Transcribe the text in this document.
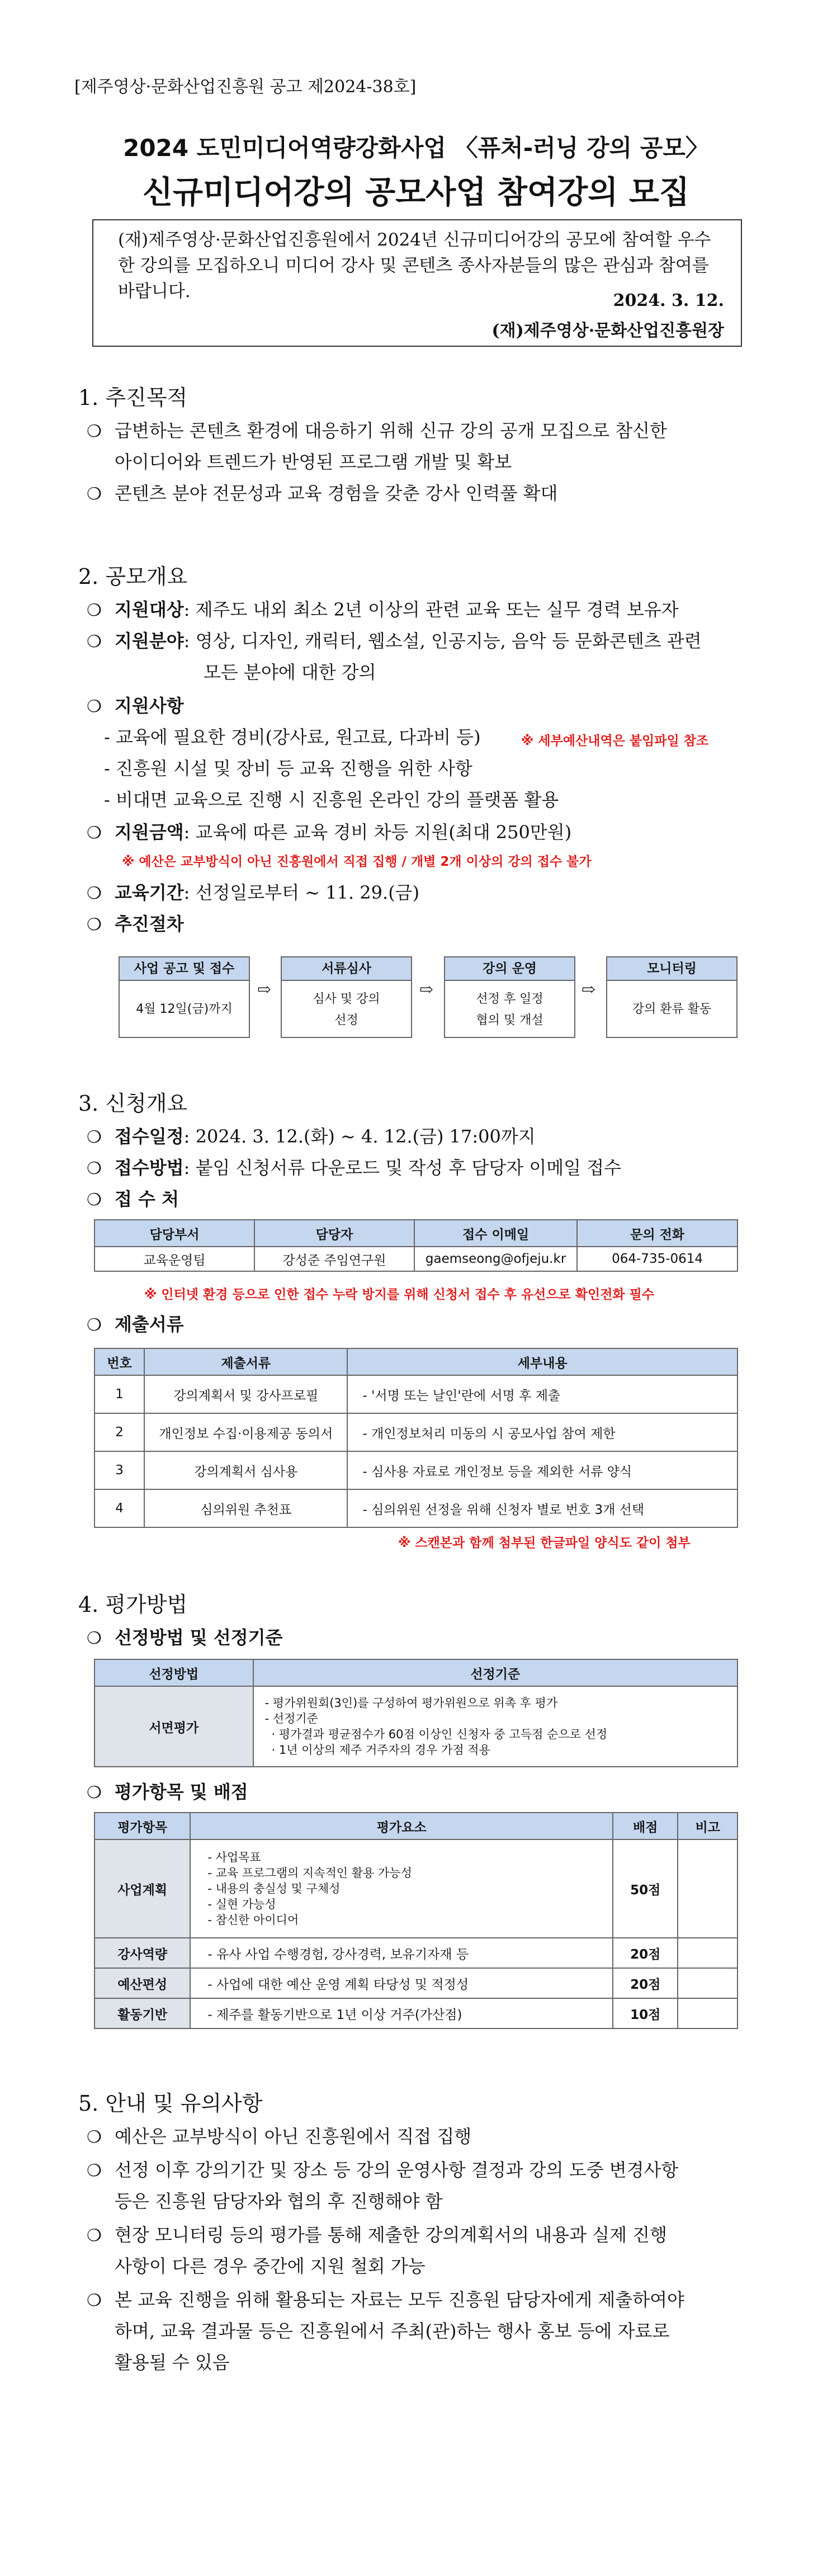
[제주영상·문화산업진흥원 공고 제2024-38호]
2024 도민미디어역량강화사업 〈퓨처-러닝 강의 공모〉
신규미디어강의 공모사업 참여강의 모집
(재)제주영상·문화산업진흥원에서 2024년 신규미디어강의 공모에 참여할 우수한 강의를 모집하오니 미디어 강사 및 콘텐츠 종사자분들의 많은 관심과 참여를 바랍니다.	2024. 3. 12.
(재)제주영상·문화산업진흥원장
1. 추진목적
❍ 급변하는 콘텐츠 환경에 대응하기 위해 신규 강의 공개 모집으로 참신한
아이디어와 트렌드가 반영된 프로그램 개발 및 확보
❍ 콘텐츠 분야 전문성과 교육 경험을 갖춘 강사 인력풀 확대
2. 공모개요
❍ 지원대상: 제주도 내외 최소 2년 이상의 관련 교육 또는 실무 경력 보유자
❍ 지원분야: 영상, 디자인, 캐릭터, 웹소설, 인공지능, 음악 등 문화콘텐츠 관련
모든 분야에 대한 강의
❍ 지원사항
- 교육에 필요한 경비(강사료, 원고료, 다과비 등)	※ 세부예산내역은 붙임파일 참조
- 진흥원 시설 및 장비 등 교육 진행을 위한 사항
- 비대면 교육으로 진행 시 진흥원 온라인 강의 플랫폼 활용
❍ 지원금액: 교육에 따른 교육 경비 차등 지원(최대 250만원)
※ 예산은 교부방식이 아닌 진흥원에서 직접 집행 / 개별 2개 이상의 강의 접수 불가
❍ 교육기간: 선정일로부터 ~ 11. 29.(금)
❍ 추진절차
사업 공고 및 접수
4월 12일(금)까지
⇨
서류심사
심사 및 강의
선정
⇨
강의 운영
선정 후 일정
협의 및 개설
⇨
모니터링
강의 환류 활동
3. 신청개요
❍ 접수일정: 2024. 3. 12.(화) ~ 4. 12.(금) 17:00까지
❍ 접수방법: 붙임 신청서류 다운로드 및 작성 후 담당자 이메일 접수
❍ 접 수 처
담당부서	담당자	접수 이메일	문의 전화
교육운영팀	강성준 주임연구원	gaemseong@ofjeju.kr	064-735-0614
※ 인터넷 환경 등으로 인한 접수 누락 방지를 위해 신청서 접수 후 유선으로 확인전화 필수
❍ 제출서류
번호	제출서류	세부내용
1	강의계획서 및 강사프로필	- '서명 또는 날인'란에 서명 후 제출
2	개인정보 수집·이용제공 동의서	- 개인정보처리 미동의 시 공모사업 참여 제한
3	강의계획서 심사용	- 심사용 자료로 개인정보 등을 제외한 서류 양식
4	심의위원 추천표	- 심의위원 선정을 위해 신청자 별로 번호 3개 선택
※ 스캔본과 함께 첨부된 한글파일 양식도 같이 첨부
4. 평가방법
❍ 선정방법 및 선정기준
선정방법	선정기준
서면평가	- 평가위원회(3인)를 구성하여 평가위원으로 위촉 후 평가
- 선정기준
· 평가결과 평균점수가 60점 이상인 신청자 중 고득점 순으로 선정
· 1년 이상의 제주 거주자의 경우 가점 적용
❍ 평가항목 및 배점
평가항목	평가요소	배점	비고
사업계획	- 사업목표
- 교육 프로그램의 지속적인 활용 가능성
- 내용의 충실성 및 구체성
- 실현 가능성
- 참신한 아이디어	50점	
강사역량	- 유사 사업 수행경험, 강사경력, 보유기자재 등	20점	
예산편성	- 사업에 대한 예산 운영 계획 타당성 및 적정성	20점	
활동기반	- 제주를 활동기반으로 1년 이상 거주(가산점)	10점	
5. 안내 및 유의사항
❍ 예산은 교부방식이 아닌 진흥원에서 직접 집행
❍ 선정 이후 강의기간 및 장소 등 강의 운영사항 결정과 강의 도중 변경사항
등은 진흥원 담당자와 협의 후 진행해야 함
❍ 현장 모니터링 등의 평가를 통해 제출한 강의계획서의 내용과 실제 진행
사항이 다른 경우 중간에 지원 철회 가능
❍ 본 교육 진행을 위해 활용되는 자료는 모두 진흥원 담당자에게 제출하여야
하며, 교육 결과물 등은 진흥원에서 주최(관)하는 행사 홍보 등에 자료로
활용될 수 있음
